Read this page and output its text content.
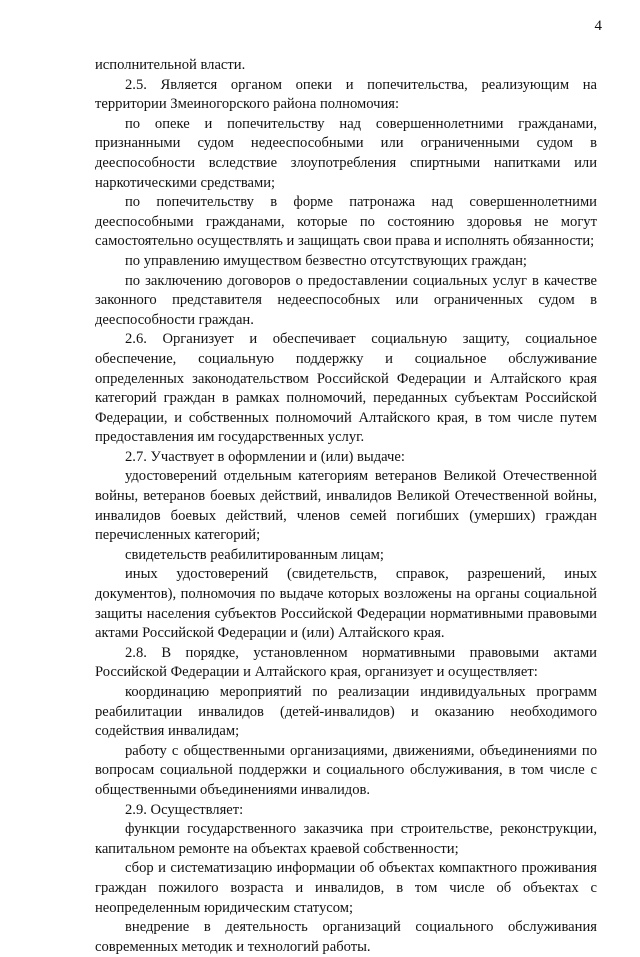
4

исполнительной власти.

2.5. Является органом опеки и попечительства, реализующим на территории Змеиногорского района полномочия:

по опеке и попечительству над совершеннолетними гражданами, признанными судом недееспособными или ограниченными судом в дееспособности вследствие злоупотребления спиртными напитками или наркотическими средствами;

по попечительству в форме патронажа над совершеннолетними дееспособными гражданами, которые по состоянию здоровья не могут самостоятельно осуществлять и защищать свои права и исполнять обязанности;

по управлению имуществом безвестно отсутствующих граждан;

по заключению договоров о предоставлении социальных услуг в качестве законного представителя недееспособных или ограниченных судом в дееспособности граждан.

2.6. Организует и обеспечивает социальную защиту, социальное обеспечение, социальную поддержку и социальное обслуживание определенных законодательством Российской Федерации и Алтайского края категорий граждан в рамках полномочий, переданных субъектам Российской Федерации, и собственных полномочий Алтайского края, в том числе путем предоставления им государственных услуг.

2.7. Участвует в оформлении и (или) выдаче:

удостоверений отдельным категориям ветеранов Великой Отечественной войны, ветеранов боевых действий, инвалидов Великой Отечественной войны, инвалидов боевых действий, членов семей погибших (умерших) граждан перечисленных категорий;

свидетельств реабилитированным лицам;

иных удостоверений (свидетельств, справок, разрешений, иных документов), полномочия по выдаче которых возложены на органы социальной защиты населения субъектов Российской Федерации нормативными правовыми актами Российской Федерации и (или) Алтайского края.

2.8. В порядке, установленном нормативными правовыми актами Российской Федерации и Алтайского края, организует и осуществляет:

координацию мероприятий по реализации индивидуальных программ реабилитации инвалидов (детей-инвалидов) и оказанию необходимого содействия инвалидам;

работу с общественными организациями, движениями, объединениями по вопросам социальной поддержки и социального обслуживания, в том числе с общественными объединениями инвалидов.

2.9. Осуществляет:

функции государственного заказчика при строительстве, реконструкции, капитальном ремонте на объектах краевой собственности;

сбор и систематизацию информации об объектах компактного проживания граждан пожилого возраста и инвалидов, в том числе об объектах с неопределенным юридическим статусом;

внедрение в деятельность организаций социального обслуживания современных методик и технологий работы.
